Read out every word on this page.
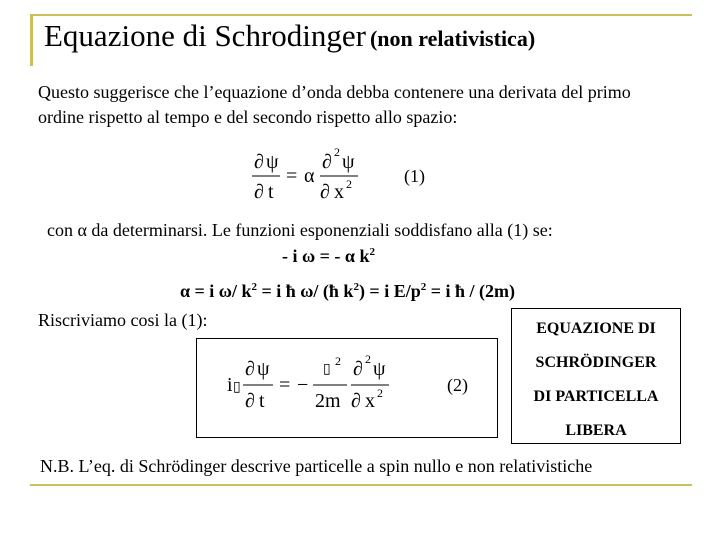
Equazione di Schrodinger (non relativistica)
Questo suggerisce che l’equazione d’onda debba contenere una derivata del primo ordine rispetto al tempo e del secondo rispetto allo spazio:
∂ ψ
∂ t
= α
∂ 2 ψ
∂ x 2	(1)
con α da determinarsi. Le funzioni esponenziali soddisfano alla (1) se:
- i ω = - α $k^2$
α = i ω/ $k^2 = i$ ħ ω/ (ħ $k^2) = i$ $E/p^2 = i$ ħ / (2m)
Riscriviamo cosi la (1):
i ▯
∂ ψ
∂ t
= −
▯
2
2m
∂ 2 ψ
∂ x 2	(2)
EQUAZIONE DI
SCHRÖDINGER
DI PARTICELLA
LIBERA
N.B. L’eq. di Schrödinger descrive particelle a spin nullo e non relativistiche
